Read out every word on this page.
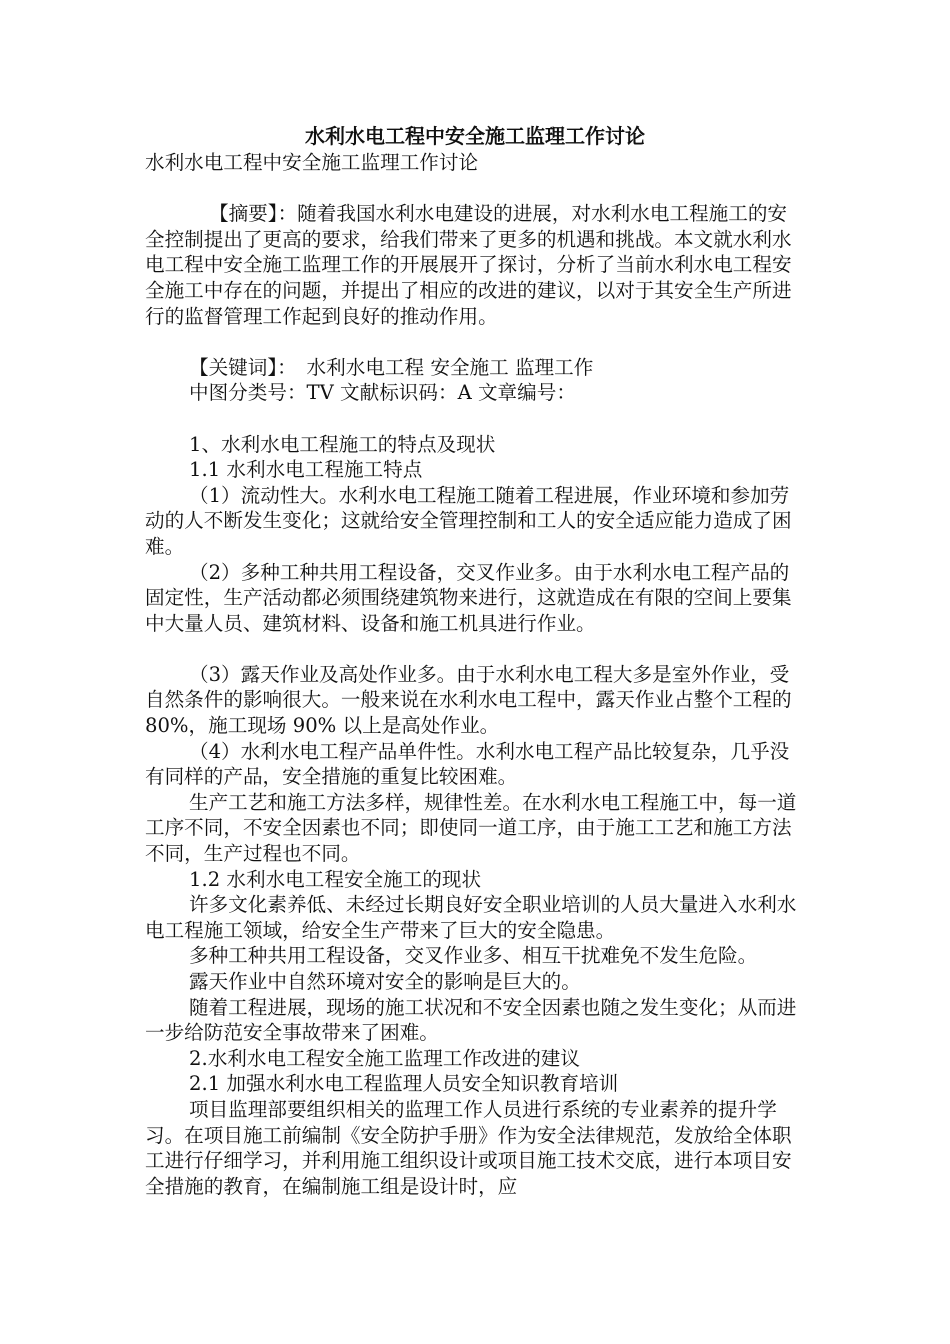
水利水电工程中安全施工监理工作讨论

水利水电工程中安全施工监理工作讨论

【摘要】：随着我国水利水电建设的进展，对水利水电工程施工的安全控制提出了更高的要求，给我们带来了更多的机遇和挑战。本文就水利水电工程中安全施工监理工作的开展展开了探讨，分析了当前水利水电工程安全施工中存在的问题，并提出了相应的改进的建议，以对于其安全生产所进行的监督管理工作起到良好的推动作用。

【关键词】：　水利水电工程 安全施工 监理工作

中图分类号：TV 文献标识码：A 文章编号：

1、水利水电工程施工的特点及现状

1.1 水利水电工程施工特点

（1）流动性大。水利水电工程施工随着工程进展，作业环境和参加劳动的人不断发生变化；这就给安全管理控制和工人的安全适应能力造成了困难。

（2）多种工种共用工程设备，交叉作业多。由于水利水电工程产品的固定性，生产活动都必须围绕建筑物来进行，这就造成在有限的空间上要集中大量人员、建筑材料、设备和施工机具进行作业。

（3）露天作业及高处作业多。由于水利水电工程大多是室外作业，受自然条件的影响很大。一般来说在水利水电工程中，露天作业占整个工程的 80%，施工现场 90% 以上是高处作业。

（4）水利水电工程产品单件性。水利水电工程产品比较复杂，几乎没有同样的产品，安全措施的重复比较困难。

生产工艺和施工方法多样，规律性差。在水利水电工程施工中，每一道工序不同，不安全因素也不同；即使同一道工序，由于施工工艺和施工方法不同，生产过程也不同。

1.2 水利水电工程安全施工的现状

许多文化素养低、未经过长期良好安全职业培训的人员大量进入水利水电工程施工领域，给安全生产带来了巨大的安全隐患。

多种工种共用工程设备，交叉作业多、相互干扰难免不发生危险。

露天作业中自然环境对安全的影响是巨大的。

随着工程进展，现场的施工状况和不安全因素也随之发生变化；从而进一步给防范安全事故带来了困难。

2.水利水电工程安全施工监理工作改进的建议

2.1 加强水利水电工程监理人员安全知识教育培训

项目监理部要组织相关的监理工作人员进行系统的专业素养的提升学习。在项目施工前编制《安全防护手册》作为安全法律规范，发放给全体职工进行仔细学习，并利用施工组织设计或项目施工技术交底，进行本项目安全措施的教育，在编制施工组是设计时，应
